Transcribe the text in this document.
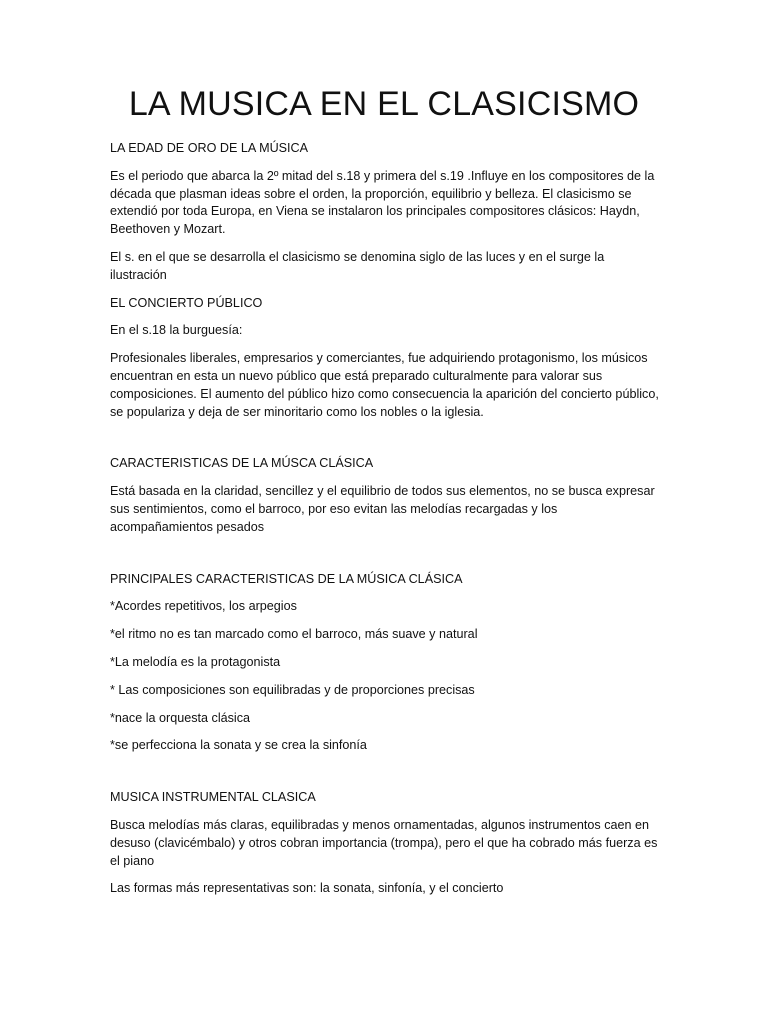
LA MUSICA EN EL CLASICISMO

LA EDAD DE ORO DE LA MÚSICA

Es el periodo que abarca la 2º mitad del s.18 y primera del s.19 .Influye en los compositores de la década que plasman ideas sobre el orden, la proporción, equilibrio y belleza. El clasicismo se extendió por toda Europa, en Viena se instalaron los principales compositores clásicos: Haydn, Beethoven y Mozart.

El s. en el que se desarrolla el clasicismo se denomina siglo de las luces y en el surge la ilustración

EL CONCIERTO PÚBLICO

En el s.18 la burguesía:

Profesionales liberales, empresarios y comerciantes, fue adquiriendo protagonismo, los músicos encuentran en esta un nuevo público que está preparado culturalmente para valorar sus composiciones. El aumento del público hizo como consecuencia la aparición del concierto público, se populariza y deja de ser minoritario como los nobles o la iglesia.

CARACTERISTICAS DE LA MÚSCA CLÁSICA

Está basada en la claridad, sencillez y el equilibrio de todos sus elementos, no se busca expresar sus sentimientos, como el barroco, por eso evitan las melodías recargadas y los acompañamientos pesados

PRINCIPALES CARACTERISTICAS DE LA MÚSICA CLÁSICA

*Acordes repetitivos, los arpegios

*el ritmo no es tan marcado como el barroco, más suave y natural

*La melodía es la protagonista

* Las composiciones son equilibradas y de proporciones precisas

*nace la orquesta clásica

*se perfecciona la sonata y se crea la sinfonía

MUSICA INSTRUMENTAL CLASICA

Busca melodías más claras, equilibradas y menos ornamentadas, algunos instrumentos caen en desuso (clavicémbalo) y otros cobran importancia (trompa), pero el que ha cobrado más fuerza es el piano

Las formas más representativas son: la sonata, sinfonía, y el concierto
